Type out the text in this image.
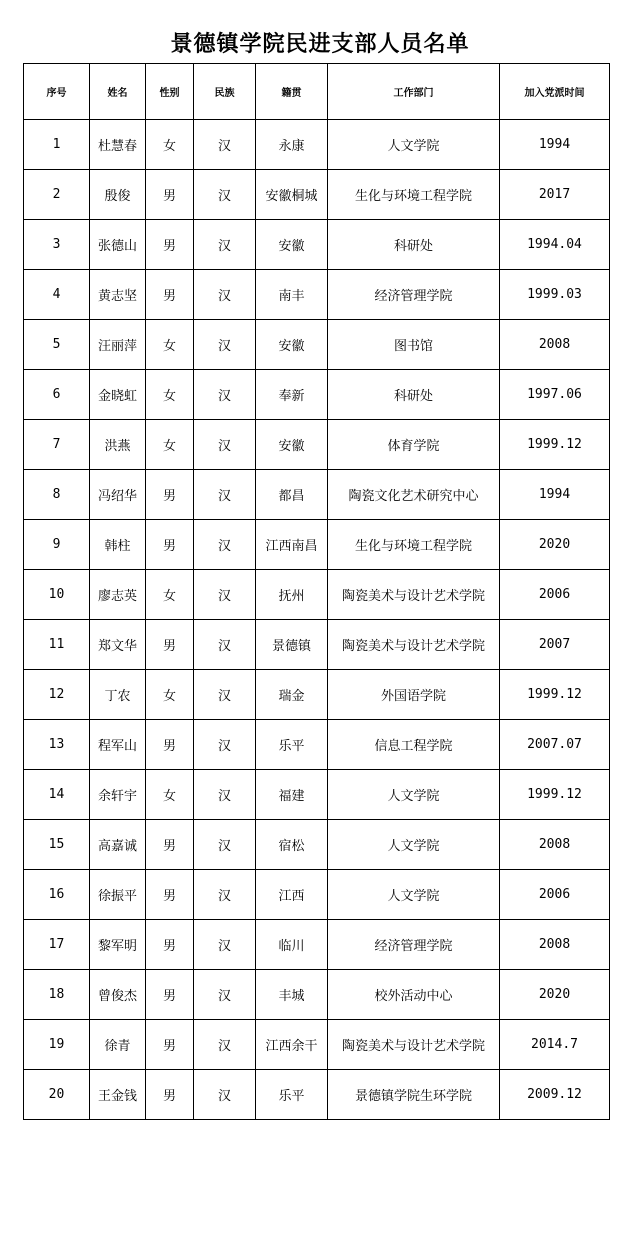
景德镇学院民进支部人员名单
序号	姓名	性别	民族	籍贯	工作部门	加入党派时间
1	杜慧春	女	汉	永康	人文学院	1994
2	殷俊	男	汉	安徽桐城	生化与环境工程学院	2017
3	张德山	男	汉	安徽	科研处	1994.04
4	黄志坚	男	汉	南丰	经济管理学院	1999.03
5	汪丽萍	女	汉	安徽	图书馆	2008
6	金晓虹	女	汉	奉新	科研处	1997.06
7	洪燕	女	汉	安徽	体育学院	1999.12
8	冯绍华	男	汉	都昌	陶瓷文化艺术研究中心	1994
9	韩柱	男	汉	江西南昌	生化与环境工程学院	2020
10	廖志英	女	汉	抚州	陶瓷美术与设计艺术学院	2006
11	郑文华	男	汉	景德镇	陶瓷美术与设计艺术学院	2007
12	丁农	女	汉	瑞金	外国语学院	1999.12
13	程军山	男	汉	乐平	信息工程学院	2007.07
14	余轩宇	女	汉	福建	人文学院	1999.12
15	高嘉诚	男	汉	宿松	人文学院	2008
16	徐振平	男	汉	江西	人文学院	2006
17	黎军明	男	汉	临川	经济管理学院	2008
18	曾俊杰	男	汉	丰城	校外活动中心	2020
19	徐青	男	汉	江西余干	陶瓷美术与设计艺术学院	2014.7
20	王金钱	男	汉	乐平	景德镇学院生环学院	2009.12
